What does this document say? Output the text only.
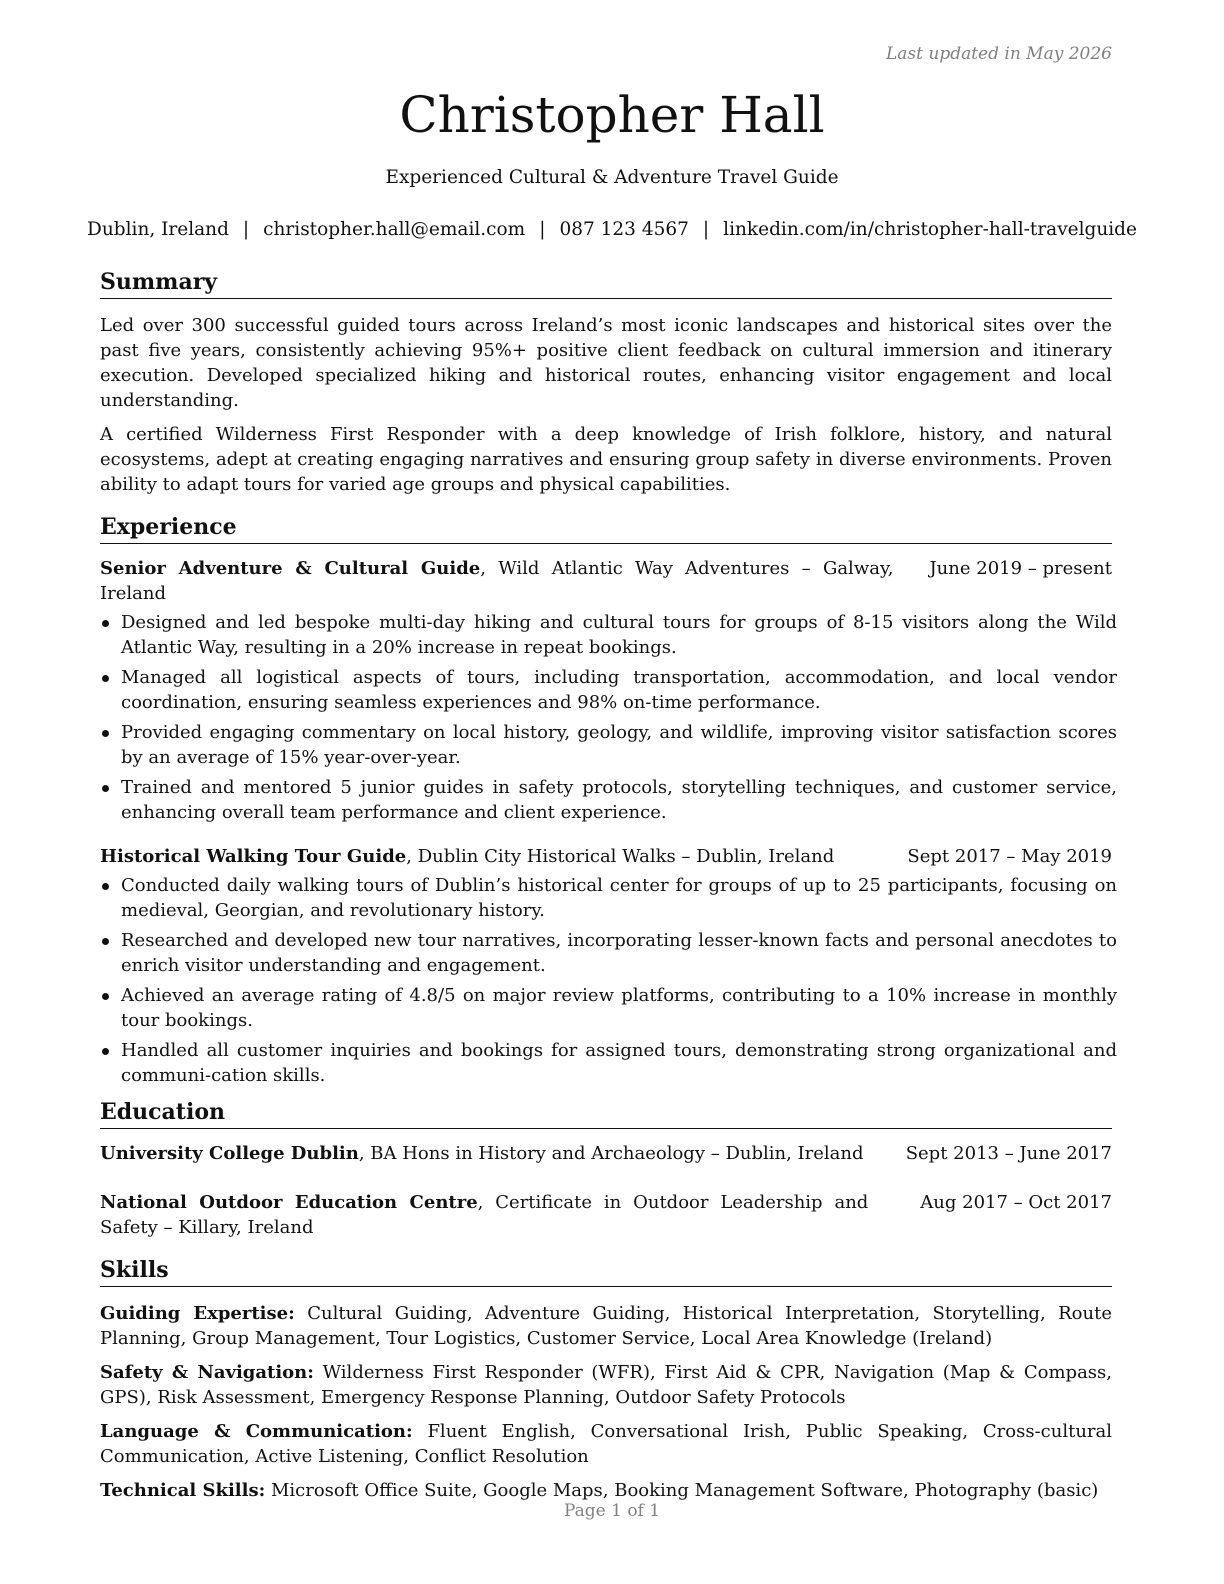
Last updated in May 2026
Christopher Hall
Experienced Cultural & Adventure Travel Guide
Dublin, Ireland | christopher.hall@email.com | 087 123 4567 | linkedin.com/in/christopher-hall-travelguide
Summary

Led over 300 successful guided tours across Ireland’s most iconic landscapes and historical sites over the past five years, consistently achieving 95%+ positive client feedback on cultural immersion and itinerary execution. Developed specialized hiking and historical routes, enhancing visitor engagement and local understanding.

A certified Wilderness First Responder with a deep knowledge of Irish folklore, history, and natural ecosystems, adept at creating engaging narratives and ensuring group safety in diverse environments. Proven ability to adapt tours for varied age groups and physical capabilities.

Experience
Senior Adventure & Cultural Guide, Wild Atlantic Way Adventures – Galway, Ireland
June 2019 – present
Designed and led bespoke multi-day hiking and cultural tours for groups of 8-15 visitors along the Wild Atlantic Way, resulting in a 20% increase in repeat bookings.
Managed all logistical aspects of tours, including transportation, accommodation, and local vendor coordination, ensuring seamless experiences and 98% on-time performance.
Provided engaging commentary on local history, geology, and wildlife, improving visitor satisfaction scores by an average of 15% year-over-year.
Trained and mentored 5 junior guides in safety protocols, storytelling techniques, and customer service, enhancing overall team performance and client experience.
Historical Walking Tour Guide, Dublin City Historical Walks – Dublin, Ireland	Sept 2017 – May 2019
Conducted daily walking tours of Dublin’s historical center for groups of up to 25 participants, focusing on medieval, Georgian, and revolutionary history.
Researched and developed new tour narratives, incorporating lesser-known facts and personal anecdotes to enrich visitor understanding and engagement.
Achieved an average rating of 4.8/5 on major review platforms, contributing to a 10% increase in monthly tour bookings.
Handled all customer inquiries and bookings for assigned tours, demonstrating strong organizational and communi-cation skills.
Education
University College Dublin, BA Hons in History and Archaeology – Dublin, Ireland	Sept 2013 – June 2017
National Outdoor Education Centre, Certificate in Outdoor Leadership and Safety – Killary, Ireland
Aug 2017 – Oct 2017
Skills
Guiding Expertise: Cultural Guiding, Adventure Guiding, Historical Interpretation, Storytelling, Route Planning, Group Management, Tour Logistics, Customer Service, Local Area Knowledge (Ireland)
Safety & Navigation: Wilderness First Responder (WFR), First Aid & CPR, Navigation (Map & Compass, GPS), Risk Assessment, Emergency Response Planning, Outdoor Safety Protocols
Language & Communication: Fluent English, Conversational Irish, Public Speaking, Cross-cultural Communication, Active Listening, Conflict Resolution
Technical Skills: Microsoft Office Suite, Google Maps, Booking Management Software, Photography (basic)
Page 1 of 1
